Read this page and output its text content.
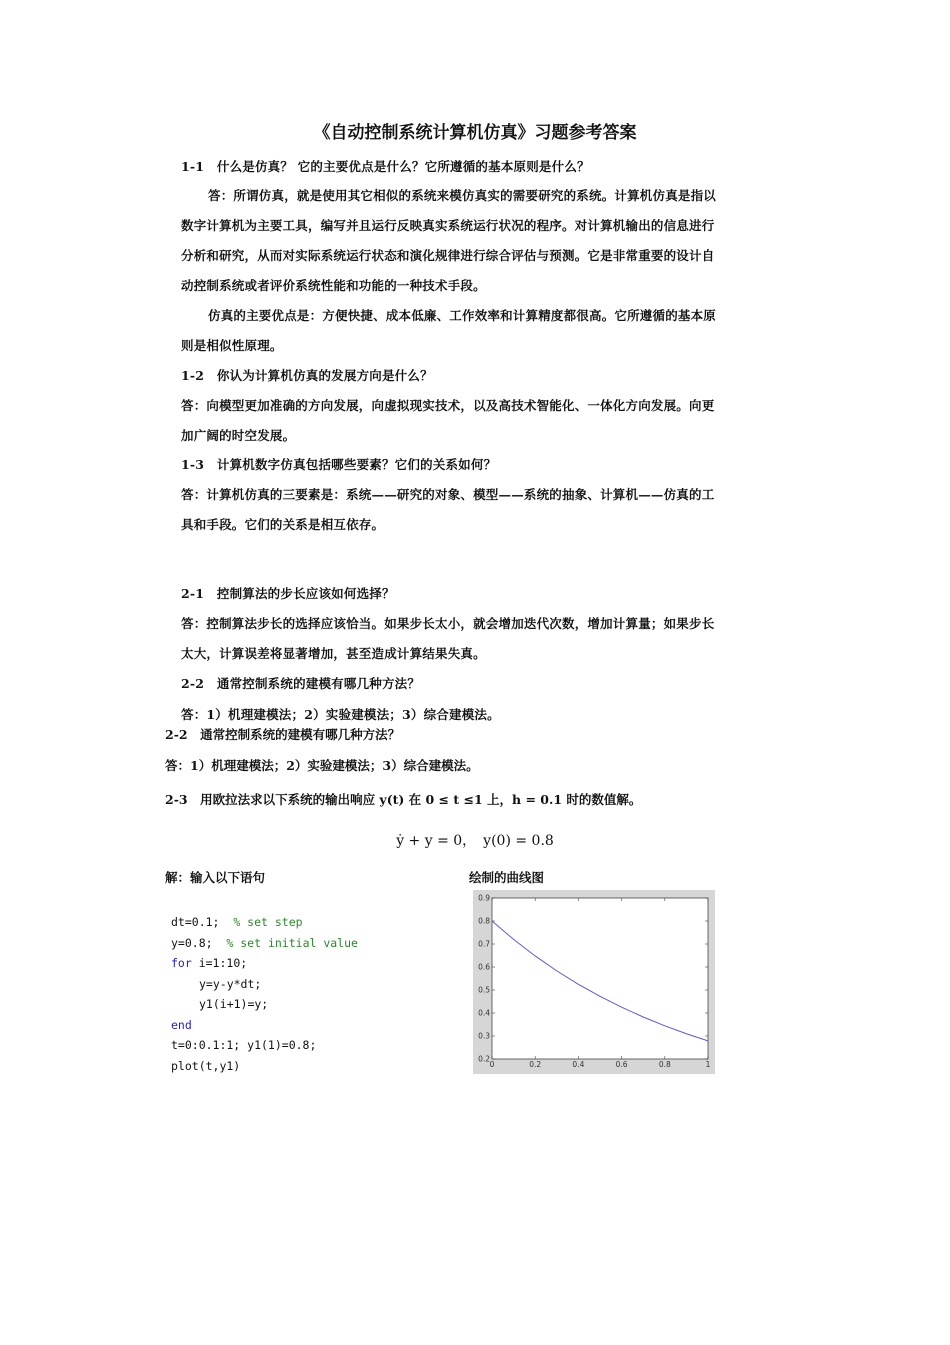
《自动控制系统计算机仿真》习题参考答案
1-1　什么是仿真？ 它的主要优点是什么？它所遵循的基本原则是什么？
答：所谓仿真，就是使用其它相似的系统来模仿真实的需要研究的系统。计算机仿真是指以
数字计算机为主要工具，编写并且运行反映真实系统运行状况的程序。对计算机输出的信息进行
分析和研究，从而对实际系统运行状态和演化规律进行综合评估与预测。它是非常重要的设计自
动控制系统或者评价系统性能和功能的一种技术手段。
仿真的主要优点是：方便快捷、成本低廉、工作效率和计算精度都很高。它所遵循的基本原
则是相似性原理。
1-2　你认为计算机仿真的发展方向是什么？
答：向模型更加准确的方向发展，向虚拟现实技术，以及高技术智能化、一体化方向发展。向更
加广阔的时空发展。
1-3　计算机数字仿真包括哪些要素？它们的关系如何？
答：计算机仿真的三要素是：系统——研究的对象、模型——系统的抽象、计算机——仿真的工
具和手段。它们的关系是相互依存。
2-1　控制算法的步长应该如何选择？
答：控制算法步长的选择应该恰当。如果步长太小，就会增加迭代次数，增加计算量；如果步长
太大，计算误差将显著增加，甚至造成计算结果失真。
2-2　通常控制系统的建模有哪几种方法？
答：1）机理建模法；2）实验建模法；3）综合建模法。
2-2　通常控制系统的建模有哪几种方法？
答：1）机理建模法；2）实验建模法；3）综合建模法。
2-3　用欧拉法求以下系统的输出响应 y(t) 在 0 ≤ t ≤1 上，h = 0.1 时的数值解。
ẏ + y = 0，　y(0) = 0.8
解：输入以下语句	绘制的曲线图
dt=0.1; % set step
y=0.8; % set initial value
for i=1:10;
y=y-y*dt;
y1(i+1)=y;
end
t=0:0.1:1; y1(1)=0.8;
plot(t,y1)	0.2
0.3
0.4
0.5
0.6
0.7
0.8
0.9
0	0.2	0.4	0.6	0.8	1
